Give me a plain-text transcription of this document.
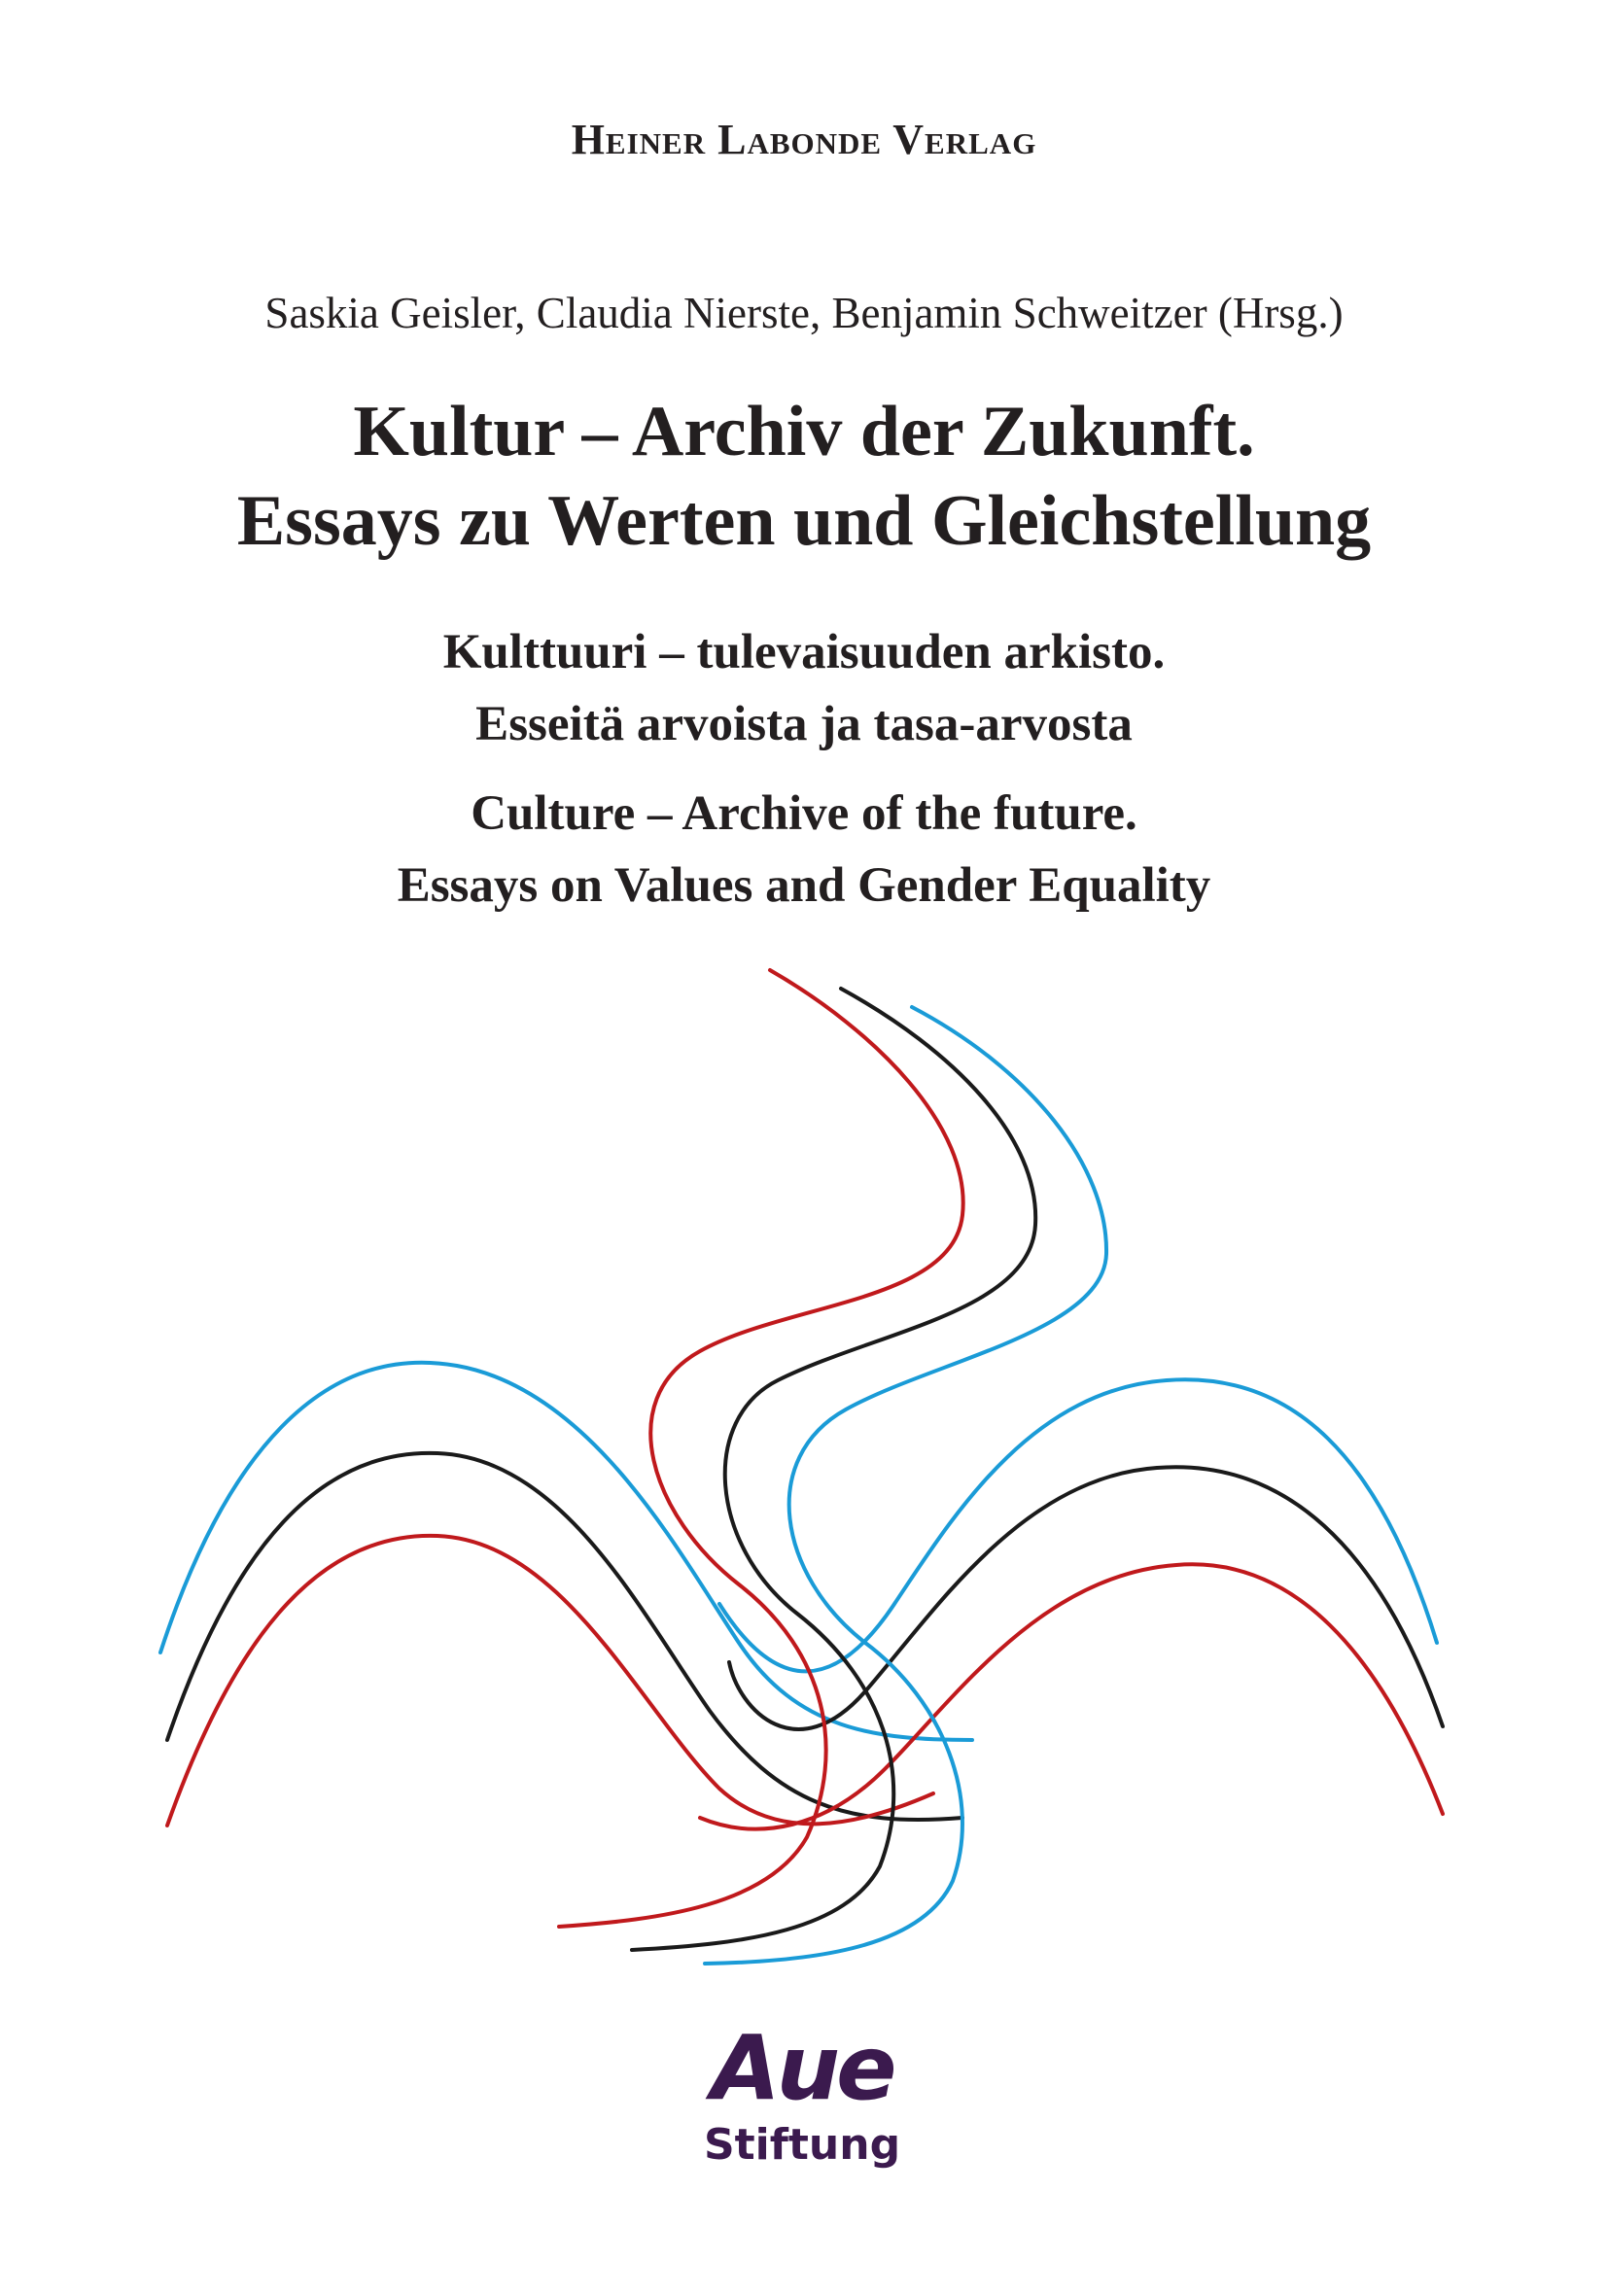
Heiner Labonde Verlag
Saskia Geisler, Claudia Nierste, Benjamin Schweitzer (Hrsg.)
Kultur – Archiv der Zukunft.
Essays zu Werten und Gleichstellung
Kulttuuri – tulevaisuuden arkisto.
Esseitä arvoista ja tasa-arvosta
Culture – Archive of the future.
Essays on Values and Gender Equality
Aue
Stiftung
